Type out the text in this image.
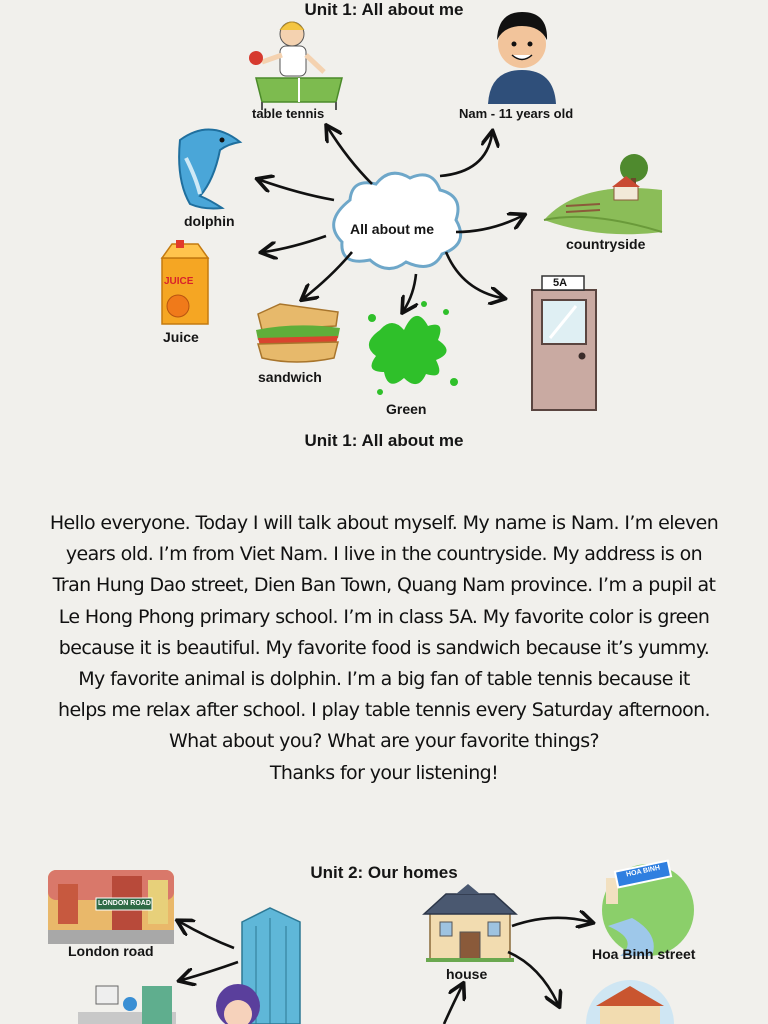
Unit 1: All about me
table tennis	Nam - 11 years old
dolphin
countryside
All about me
JUICE
Juice
sandwich
Green
5A
Unit 1: All about me

Hello everyone. Today I will talk about myself. My name is Nam. I’m eleven

years old. I’m from Viet Nam. I live in the countryside. My address is on

Tran Hung Dao street, Dien Ban Town, Quang Nam province. I’m a pupil at

Le Hong Phong primary school. I’m in class 5A. My favorite color is green

because it is beautiful. My favorite food is sandwich because it’s yummy.

My favorite animal is dolphin. I’m a big fan of table tennis because it

helps me relax after school. I play table tennis every Saturday afternoon.

What about you? What are your favorite things?

Thanks for your listening!

Unit 2: Our homes
LONDON ROAD
London road
house
HOA BINH
Hoa Binh street
